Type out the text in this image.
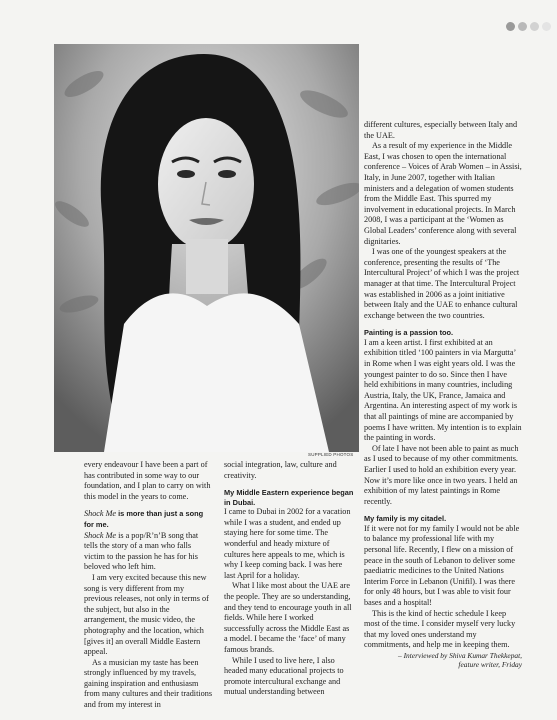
SUPPLIED PHOTOS

different cultures, especially between Italy and the UAE.

As a result of my experience in the Middle East, I was chosen to open the international conference – Voices of Arab Women – in Assisi, Italy, in June 2007, together with Italian ministers and a delegation of women students from the Middle East. This spurred my involvement in educational projects. In March 2008, I was a participant at the ‘Women as Global Leaders’ conference along with several dignitaries.

I was one of the youngest speakers at the conference, presenting the results of ‘The Intercultural Project’ of which I was the project manager at that time. The Intercultural Project was established in 2006 as a joint initiative between Italy and the UAE to enhance cultural exchange between the two countries.

Painting is a passion too.

I am a keen artist. I first exhibited at an exhibition titled ‘100 painters in via Margutta’ in Rome when I was eight years old. I was the youngest painter to do so. Since then I have held exhibitions in many countries, including Austria, Italy, the UK, France, Jamaica and Argentina. An interesting aspect of my work is that all paintings of mine are accompanied by poems I have written. My intention is to explain the painting in words.

Of late I have not been able to paint as much as I used to because of my other commitments. Earlier I used to hold an exhibition every year. Now it’s more like once in two years. I held an exhibition of my latest paintings in Rome recently.

My family is my citadel.

If it were not for my family I would not be able to balance my professional life with my personal life. Recently, I flew on a mission of peace in the south of Lebanon to deliver some paediatric medicines to the United Nations Interim Force in Lebanon (Unifil). I was there for only 48 hours, but I was able to visit four bases and a hospital!

This is the kind of hectic schedule I keep most of the time. I consider myself very lucky that my loved ones understand my commitments, and help me in keeping them.

– Interviewed by Shiva Kumar Thekkepat,

feature writer, Friday

every endeavour I have been a part of has contributed in some way to our foundation, and I plan to carry on with this model in the years to come.

Shock Me is more than just a song for me.

Shock Me is a pop/R’n’B song that tells the story of a man who falls victim to the passion he has for his beloved who left him.

I am very excited because this new song is very different from my previous releases, not only in terms of the subject, but also in the arrangement, the music video, the photography and the location, which [gives it] an overall Middle Eastern appeal.

As a musician my taste has been strongly influenced by my travels, gaining inspiration and enthusiasm from many cultures and their traditions and from my interest in

social integration, law, culture and creativity.

My Middle Eastern experience began in Dubai.

I came to Dubai in 2002 for a vacation while I was a student, and ended up staying here for some time. The wonderful and heady mixture of cultures here appeals to me, which is why I keep coming back. I was here last April for a holiday.

What I like most about the UAE are the people. They are so understanding, and they tend to encourage youth in all fields. While here I worked successfully across the Middle East as a model. I became the ‘face’ of many famous brands.

While I used to live here, I also headed many educational projects to promote intercultural exchange and mutual understanding between
